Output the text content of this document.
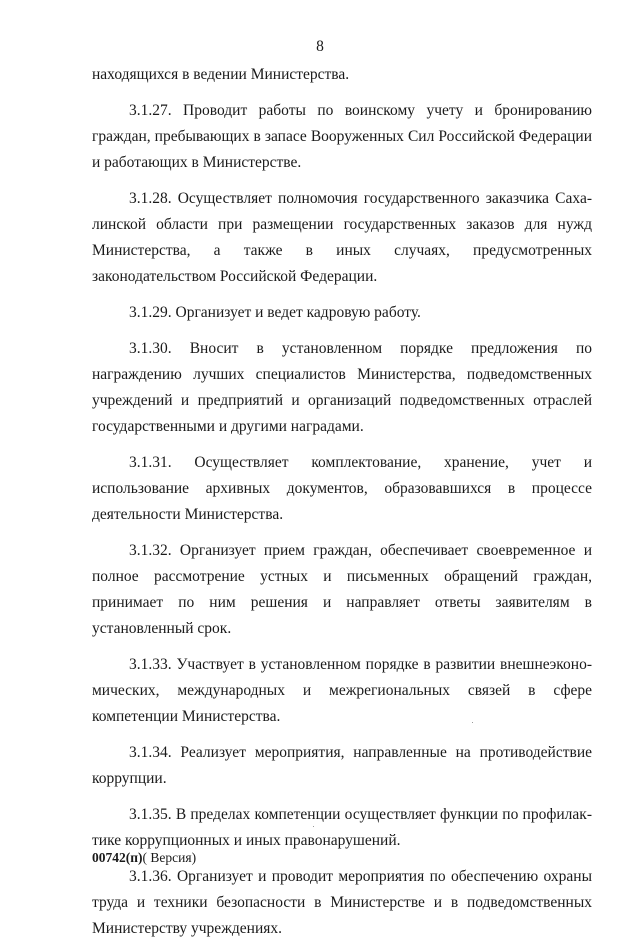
8

находящихся в ведении Министерства.

3.1.27. Проводит работы по воинскому учету и бронированию граждан, пребывающих в запасе Вооруженных Сил Российской Федерации и работающих в Министерстве.

3.1.28. Осуществляет полномочия государственного заказчика Сахалинской области при размещении государственных заказов для нужд Министерства, а также в иных случаях, предусмотренных законодательством Российской Федерации.

3.1.29. Организует и ведет кадровую работу.

3.1.30. Вносит в установленном порядке предложения по награждению лучших специалистов Министерства, подведомственных учреждений и предприятий и организаций подведомственных отраслей государственными и другими наградами.

3.1.31. Осуществляет комплектование, хранение, учет и использование архивных документов, образовавшихся в процессе деятельности Министерства.

3.1.32. Организует прием граждан, обеспечивает своевременное и полное рассмотрение устных и письменных обращений граждан, принимает по ним решения и направляет ответы заявителям в установленный срок.

3.1.33. Участвует в установленном порядке в развитии внешнеэкономических, международных и межрегиональных связей в сфере компетенции Министерства.

3.1.34. Реализует мероприятия, направленные на противодействие коррупции.

3.1.35. В пределах компетенции осуществляет функции по профилактике коррупционных и иных правонарушений.

3.1.36. Организует и проводит мероприятия по обеспечению охраны труда и техники безопасности в Министерстве и в подведомственных Министерству учреждениях.

00742(п)( Версия)
